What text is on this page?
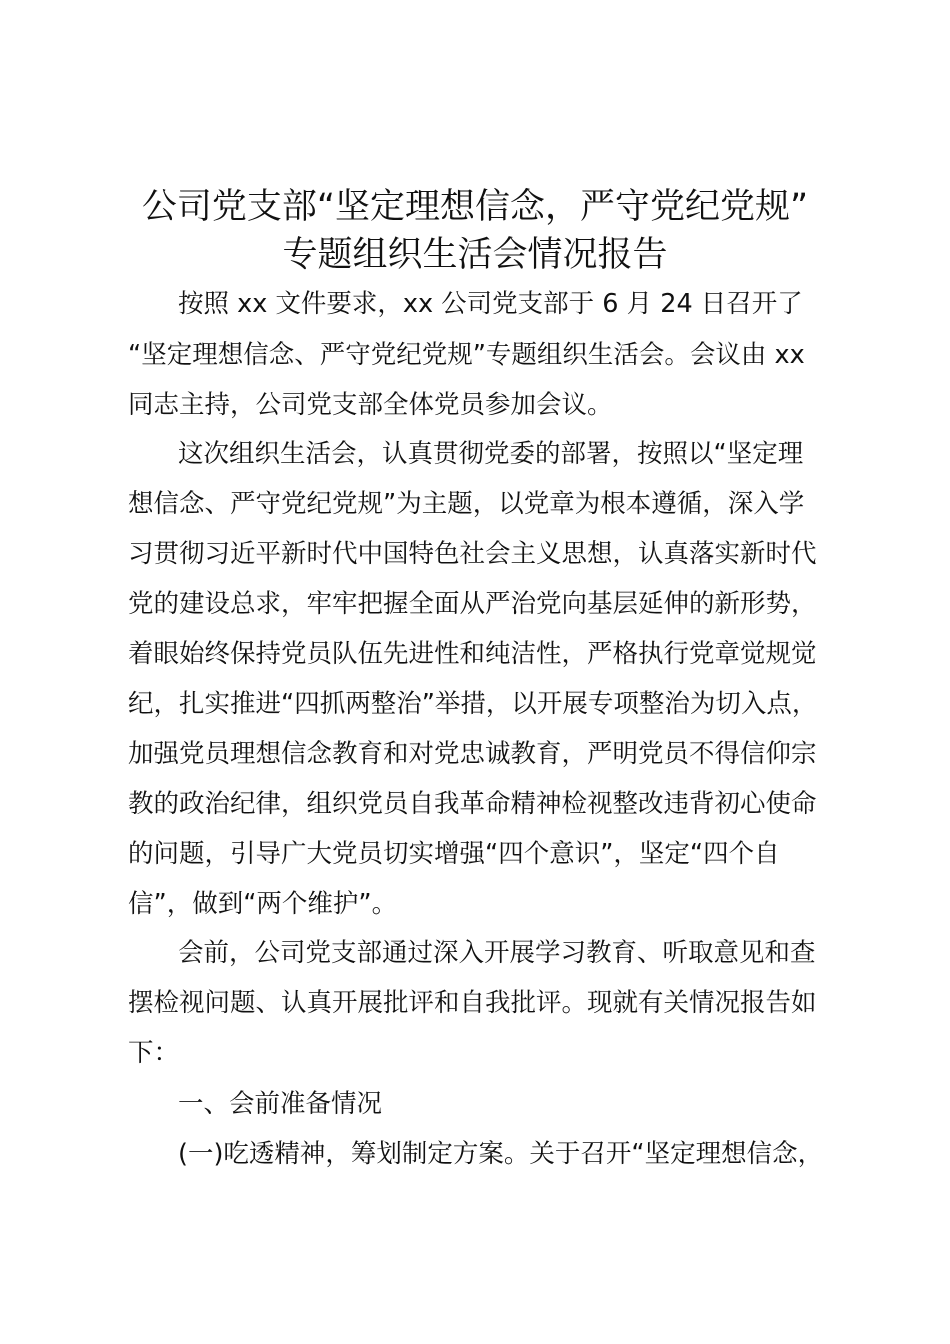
公司党支部“坚定理想信念，严守党纪党规”
专题组织生活会情况报告
按照 xx 文件要求，xx 公司党支部于 6 月 24 日召开了
“坚定理想信念、严守党纪党规”专题组织生活会。会议由 xx
同志主持，公司党支部全体党员参加会议。
这次组织生活会，认真贯彻党委的部署，按照以“坚定理
想信念、严守党纪党规”为主题，以党章为根本遵循，深入学
习贯彻习近平新时代中国特色社会主义思想，认真落实新时代
党的建设总求，牢牢把握全面从严治党向基层延伸的新形势，
着眼始终保持党员队伍先进性和纯洁性，严格执行党章觉规觉
纪，扎实推进“四抓两整治”举措，以开展专项整治为切入点，
加强党员理想信念教育和对党忠诚教育，严明党员不得信仰宗
教的政治纪律，组织党员自我革命精神检视整改违背初心使命
的问题，引导广大党员切实增强“四个意识”，坚定“四个自
信”，做到“两个维护”。
会前，公司党支部通过深入开展学习教育、听取意见和查
摆检视问题、认真开展批评和自我批评。现就有关情况报告如
下：
一、会前准备情况
(一)吃透精神，筹划制定方案。关于召开“坚定理想信念，
